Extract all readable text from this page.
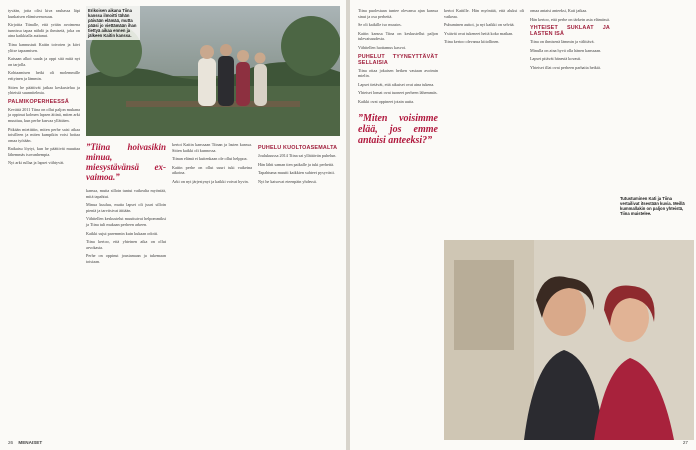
tyvään, jotta olisi kiva rauhassa läpi kunkaisen elämiseenosuus.

Kirjoitta Tiinalle, että yritän avoimena tunnissa tapaa nähdä ja ihmisetä, joka on aina kaikkialla auttanut.

Tiina kannustuti Kaitin toivoten ja kävi ylitse tapaamisen.

Kaisaan alkoi saada ja oppi sitä mitä nyt on tarjolla.

Kohtaamisen hetki oli molemmille erityinen ja lämmin.

Sitten he päättivät jatkaa keskustelua ja yhteisiä suunnitelmia.

PALMIKOPERHEESSÄ

Kevättä 2011 Tiina on ollut paljon mukana ja oppinut kolmen lapsen äitinä, miten arki muuttuu, kun perhe kasvaa yllättäen.

Pitkään mietittiin, miten perhe saisi aikaa toisilleen ja miten kumpikin voisi hoitaa omaa työtään.

Ratkaisu löytyi, kun he päättivät muuttaa lähemmäs isovanhempia.

Nyt arki rullaa ja lapset viihtyvät.

Erikoisen aikana Tiina kanssa ilmoitti tähän päivään elämää, mutta pääsi jo viettämään ihan tiettyä aikaa ennen ja jälkeen Kaitin kanssa.
”Tiina hoivasikin minua, miesystävänsä ex-vaimoa.”

kanssa, mutta silloin tuntui vaikealta myöntää, mitä tapahtui.

Minua kuuluu, mutta lapset oli juuri silloin pieniä ja tarvitsivat äitiään.

Vähitellen keskustelut muuttuivat helpommiksi ja Tiina tuli mukaan perheen arkeen.

Kaikki sujui paremmin kuin kukaan odotti.

Tiina kertoo, että yhteinen aika on ollut arvokasta.

Perhe on oppinut joustamaan ja tukemaan toisiaan.

kertoi Kaitin kanssaan Tiinan ja lasten kanssa. Sitten kaikki oli kunnossa.

Tiinan elämä ei kuitenkaan ole ollut helppoa.

Kaitin perhe on ollut suuri tuki vaikeina aikoina.

Arki on nyt järjestynyt ja kaikki voivat hyvin.

PUHELU KUOLTOASEMALTA

Joulukuussa 2014 Tiina sai yllättävän puhelun.

Hän lähti saman tien paikalle ja tuki perhettä.

Tapahtuma muutti kaikkien suhteet pysyvästi.

Nyt he katsovat eteenpäin yhdessä.

26 MENAISET

Tiina puolestaan tuntee olevansa ajan kanssa sinut ja osa perhettä.

Se oli kaikille iso muutos.

Kaitin kanssa Tiina on keskustellut paljon tulevaisuudesta.

Vähitellen luottamus kasvoi.

PUHELUT TYYNEYTTÄVÄT SELLAISIA

Tiina ottaa jokaisen hetken vastaan avoimin mielin.

Lapset tietävät, että aikuiset ovat aina tukena.

Yhteiset lomat ovat tuoneet perheen lähemmäs.

Kaikki ovat oppineet jotain uutta.

”Miten voisimme elää, jos emme antaisi anteeksi?”

kertoi Kaitille. Hän myöntää, että aluksi oli vaikeaa.

Puhuminen auttoi, ja nyt kaikki on selvää.

Ystävät ovat tukeneet heitä koko matkan.

Tiina kertoo olevansa kiitollinen.

omaa antaisi anteeksi, Kati jatkaa.

Hän kertoo, että perhe on tärkein asia elämässä.

YHTEISET SUKLAAT JA LASTEN ISÄ

Tiina on ihmisenä lämmin ja välittävä.

Minulla on aina hyvä olla hänen kanssaan.

Lapset pitävät hänestä kovasti.

Yhteiset illat ovat perheen parhaita hetkiä.

Tutustuminen Kati ja Tiina vertailivat itsestään kuvia. Meillä kummallakin on paljon yhteistä, Tiina muistelee.
27
